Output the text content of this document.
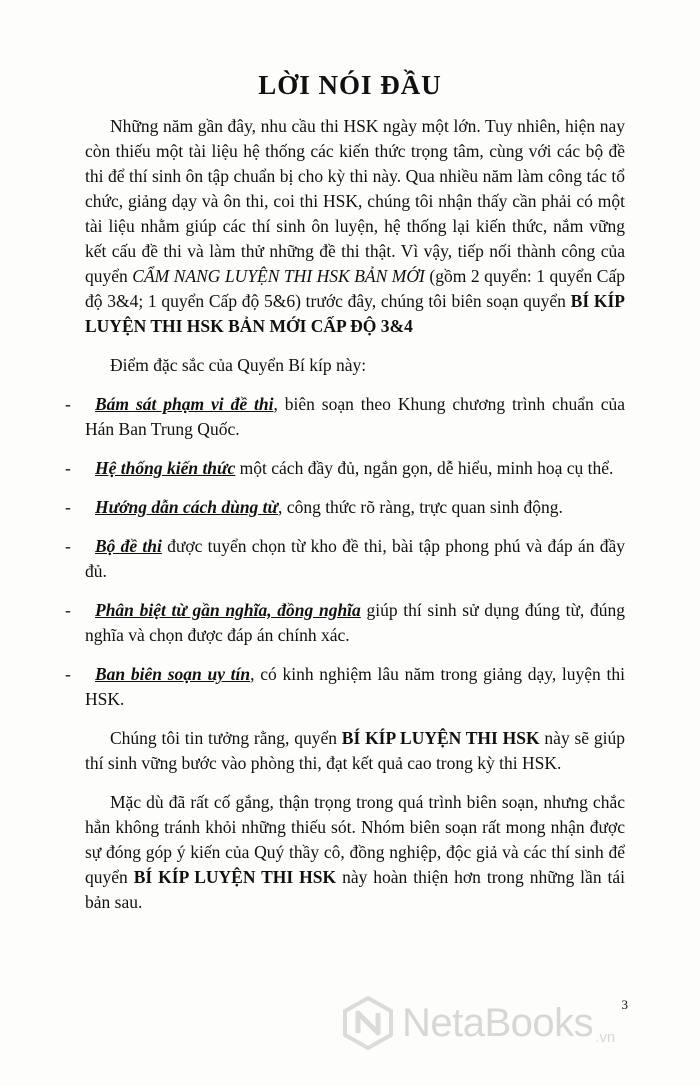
LỜI NÓI ĐẦU

Những năm gần đây, nhu cầu thi HSK ngày một lớn. Tuy nhiên, hiện nay còn thiếu một tài liệu hệ thống các kiến thức trọng tâm, cùng với các bộ đề thi để thí sinh ôn tập chuẩn bị cho kỳ thi này. Qua nhiều năm làm công tác tổ chức, giảng dạy và ôn thi, coi thi HSK, chúng tôi nhận thấy cần phải có một tài liệu nhằm giúp các thí sinh ôn luyện, hệ thống lại kiến thức, nắm vững kết cấu đề thi và làm thử những đề thi thật. Vì vậy, tiếp nối thành công của quyển CẨM NANG LUYỆN THI HSK BẢN MỚI (gồm 2 quyển: 1 quyển Cấp độ 3&4; 1 quyển Cấp độ 5&6) trước đây, chúng tôi biên soạn quyển BÍ KÍP LUYỆN THI HSK BẢN MỚI CẤP ĐỘ 3&4

Điểm đặc sắc của Quyển Bí kíp này:

- Bám sát phạm vi đề thi, biên soạn theo Khung chương trình chuẩn của Hán Ban Trung Quốc.

- Hệ thống kiến thức một cách đầy đủ, ngắn gọn, dễ hiểu, minh hoạ cụ thể.

- Hướng dẫn cách dùng từ, công thức rõ ràng, trực quan sinh động.

- Bộ đề thi được tuyển chọn từ kho đề thi, bài tập phong phú và đáp án đầy đủ.

- Phân biệt từ gần nghĩa, đồng nghĩa giúp thí sinh sử dụng đúng từ, đúng nghĩa và chọn được đáp án chính xác.

- Ban biên soạn uy tín, có kinh nghiệm lâu năm trong giảng dạy, luyện thi HSK.

Chúng tôi tin tưởng rằng, quyển BÍ KÍP LUYỆN THI HSK này sẽ giúp thí sinh vững bước vào phòng thi, đạt kết quả cao trong kỳ thi HSK.

Mặc dù đã rất cố gắng, thận trọng trong quá trình biên soạn, nhưng chắc hẳn không tránh khỏi những thiếu sót. Nhóm biên soạn rất mong nhận được sự đóng góp ý kiến của Quý thầy cô, đồng nghiệp, độc giả và các thí sinh để quyển BÍ KÍP LUYỆN THI HSK này hoàn thiện hơn trong những lần tái bản sau.

NetaBooks .vn
3
